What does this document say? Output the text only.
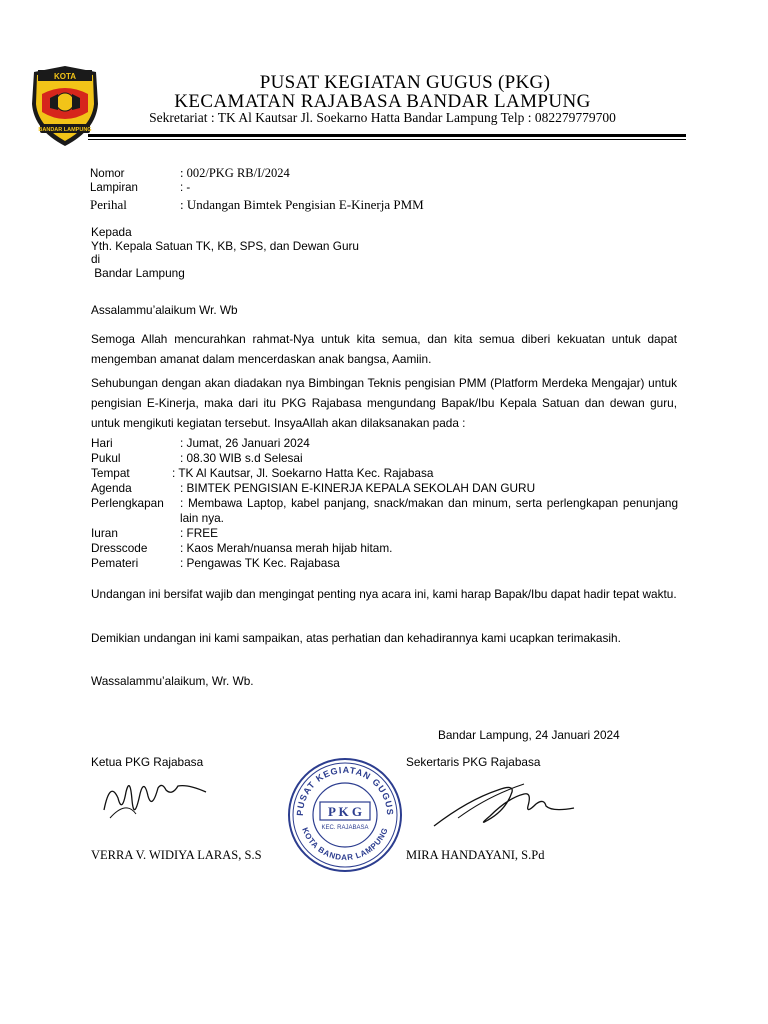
KOTA
BANDAR LAMPUNG
PUSAT KEGIATAN GUGUS (PKG)
KECAMATAN RAJABASA BANDAR LAMPUNG
Sekretariat : TK Al Kautsar Jl. Soekarno Hatta Bandar Lampung Telp : 082279779700
Nomor	: 002/PKG RB/I/2024
Lampiran	: -
Perihal	: Undangan Bimtek Pengisian E-Kinerja PMM
Kepada
Yth. Kepala Satuan TK, KB, SPS, dan Dewan Guru
di
Bandar Lampung
Assalammu’alaikum Wr. Wb
Semoga Allah mencurahkan rahmat-Nya untuk kita semua, dan kita semua diberi kekuatan untuk dapat mengemban amanat dalam mencerdaskan anak bangsa, Aamiin.
Sehubungan dengan akan diadakan nya Bimbingan Teknis pengisian PMM (Platform Merdeka Mengajar) untuk pengisian E-Kinerja, maka dari itu PKG Rajabasa mengundang Bapak/Ibu Kepala Satuan dan dewan guru, untuk mengikuti kegiatan tersebut. InsyaAllah akan dilaksanakan pada :
Hari	: Jumat, 26 Januari 2024
Pukul	: 08.30 WIB s.d Selesai
Tempat	: TK Al Kautsar, Jl. Soekarno Hatta Kec. Rajabasa
Agenda	: BIMTEK PENGISIAN E-KINERJA KEPALA SEKOLAH DAN GURU
Perlengkapan : Membawa Laptop, kabel panjang, snack/makan dan minum, serta perlengkapan penunjang lain nya.
Iuran	: FREE
Dresscode	: Kaos Merah/nuansa merah hijab hitam.
Pemateri	: Pengawas TK Kec. Rajabasa
Undangan ini bersifat wajib dan mengingat penting nya acara ini, kami harap Bapak/Ibu dapat hadir tepat waktu.
Demikian undangan ini kami sampaikan, atas perhatian dan kehadirannya kami ucapkan terimakasih.
Wassalammu’alaikum, Wr. Wb.
Bandar Lampung, 24 Januari 2024
Ketua PKG Rajabasa	Sekertaris PKG Rajabasa
PUSAT KEGIATAN GUGUS
KOTA BANDAR LAMPUNG
P K G
KEC. RAJABASA
VERRA V. WIDIYA LARAS, S.S	MIRA HANDAYANI, S.Pd
